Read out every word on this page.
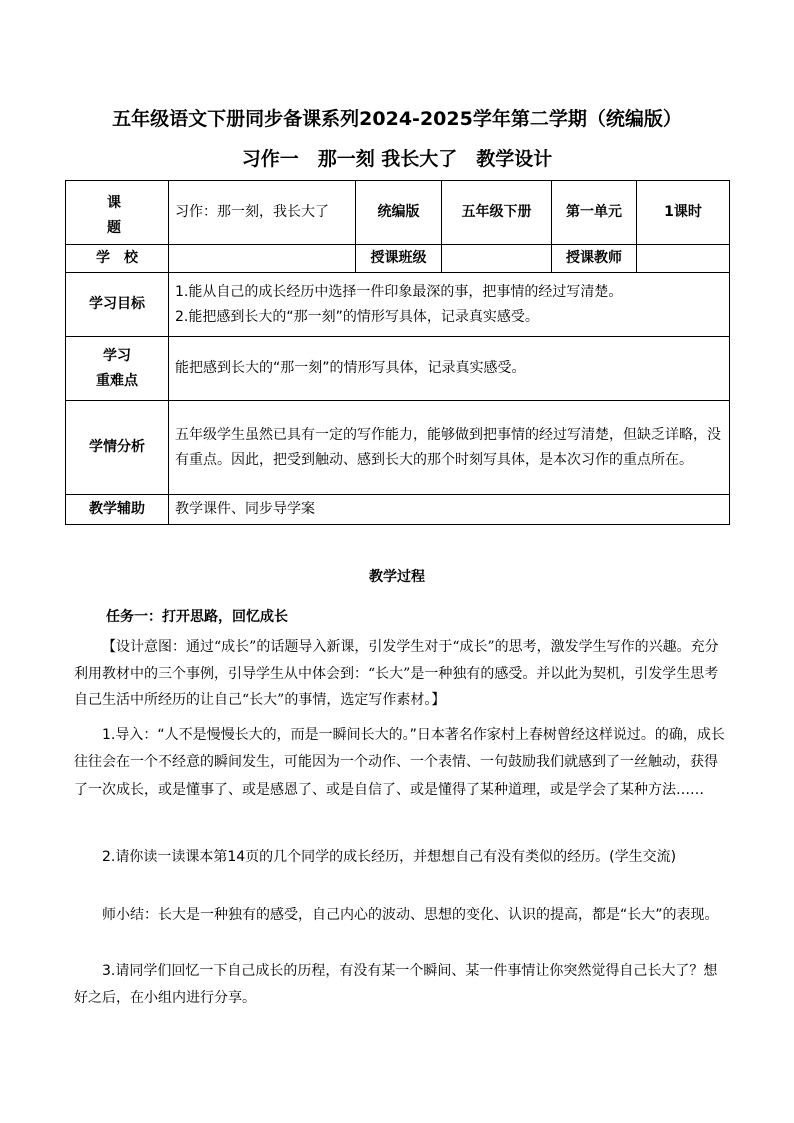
五年级语文下册同步备课系列2024-2025学年第二学期（统编版）
习作一　那一刻 我长大了　教学设计
课　题	习作：那一刻，我长大了	统编版	五年级下册	第一单元	1课时
学　校		授课班级		授课教师	
学习目标	1.能从自己的成长经历中选择一件印象最深的事，把事情的经过写清楚。
2.能把感到长大的“那一刻”的情形写具体，记录真实感受。				

学习
重难点	能把感到长大的“那一刻”的情形写具体，记录真实感受。				
学情分析	五年级学生虽然已具有一定的写作能力，能够做到把事情的经过写清楚，但缺乏详略，没有重点。因此，把受到触动、感到长大的那个时刻写具体，是本次习作的重点所在。				
教学辅助	教学课件、同步导学案				
教学过程
任务一：打开思路，回忆成长
【设计意图：通过“成长”的话题导入新课，引发学生对于“成长”的思考，激发学生写作的兴趣。充分利用教材中的三个事例，引导学生从中体会到：“长大”是一种独有的感受。并以此为契机，引发学生思考自己生活中所经历的让自己“长大”的事情，选定写作素材。】
1.导入：“人不是慢慢长大的，而是一瞬间长大的。”日本著名作家村上春树曾经这样说过。的确，成长往往会在一个不经意的瞬间发生，可能因为一个动作、一个表情、一句鼓励我们就感到了一丝触动，获得了一次成长，或是懂事了、或是感恩了、或是自信了、或是懂得了某种道理，或是学会了某种方法……
2.请你读一读课本第14页的几个同学的成长经历，并想想自己有没有类似的经历。(学生交流)
师小结：长大是一种独有的感受，自己内心的波动、思想的变化、认识的提高，都是“长大”的表现。
3.请同学们回忆一下自己成长的历程，有没有某一个瞬间、某一件事情让你突然觉得自己长大了？想好之后，在小组内进行分享。
